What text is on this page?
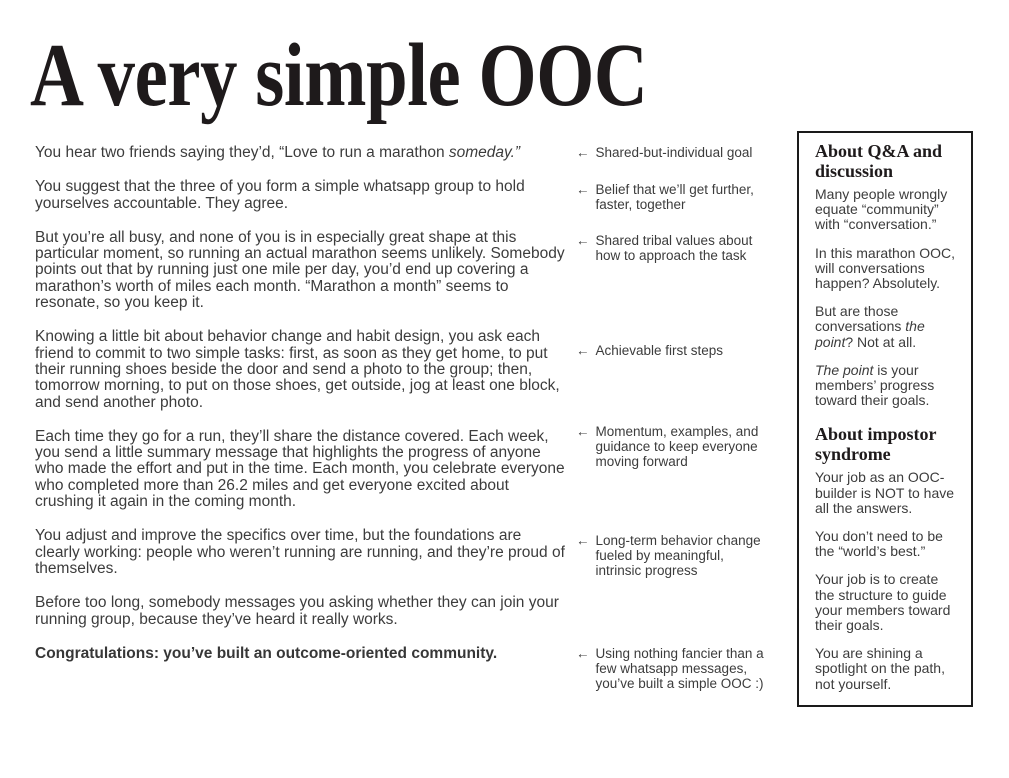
A very simple OOC

You hear two friends saying they’d, “Love to run a marathon someday.”

You suggest that the three of you form a simple whatsapp group to hold yourselves accountable. They agree.

But you’re all busy, and none of you is in especially great shape at this particular moment, so running an actual marathon seems unlikely. Somebody points out that by running just one mile per day, you’d end up covering a marathon’s worth of miles each month. “Marathon a month” seems to resonate, so you keep it.

Knowing a little bit about behavior change and habit design, you ask each friend to commit to two simple tasks: first, as soon as they get home, to put their running shoes beside the door and send a photo to the group; then, tomorrow morning, to put on those shoes, get outside, jog at least one block, and send another photo.

Each time they go for a run, they’ll share the distance covered. Each week, you send a little summary message that highlights the progress of anyone who made the effort and put in the time. Each month, you celebrate everyone who completed more than 26.2 miles and get everyone excited about crushing it again in the coming month.

You adjust and improve the specifics over time, but the foundations are clearly working: people who weren’t running are running, and they’re proud of themselves.

Before too long, somebody messages you asking whether they can join your running group, because they’ve heard it really works.

Congratulations: you’ve built an outcome-oriented community.

← Shared-but-individual goal
← Belief that we’ll get further, faster, together
← Shared tribal values about how to approach the task
← Achievable first steps
← Momentum, examples, and guidance to keep everyone moving forward
← Long-term behavior change fueled by meaningful, intrinsic progress
← Using nothing fancier than a few whatsapp messages, you’ve built a simple OOC :)
About Q&A and discussion

Many people wrongly equate “community” with “conversation.”

In this marathon OOC, will conversations happen? Absolutely.

But are those conversations the point? Not at all.

The point is your members’ progress toward their goals.

About impostor syndrome

Your job as an OOC-builder is NOT to have all the answers.

You don’t need to be the “world’s best.”

Your job is to create the structure to guide your members toward their goals.

You are shining a spotlight on the path, not yourself.
